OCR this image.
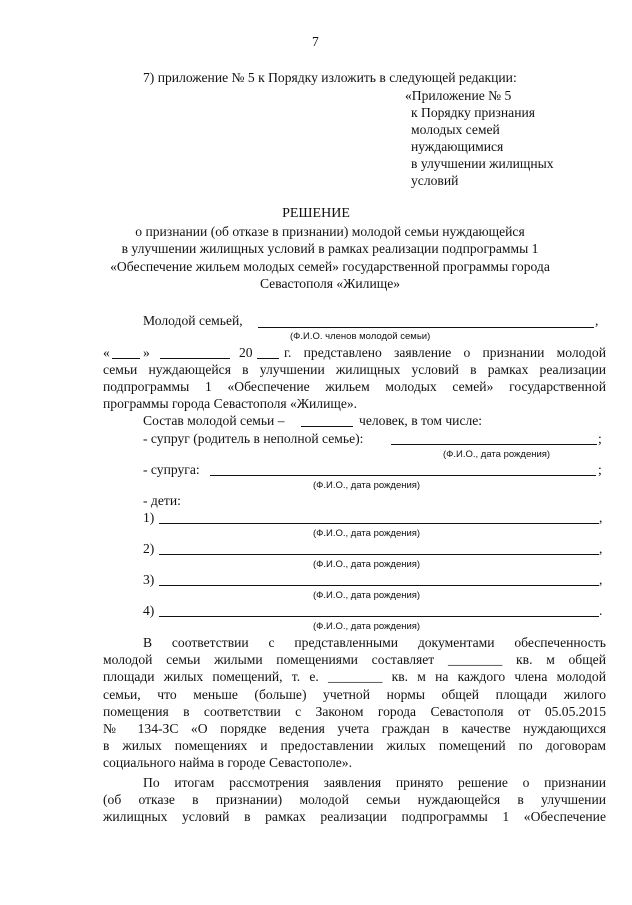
7
7) приложение № 5 к Порядку изложить в следующей редакции:
«Приложение № 5
к Порядку признания
молодых семей
нуждающимися
в улучшении жилищных
условий
РЕШЕНИЕ
о признании (об отказе в признании) молодой семьи нуждающейся
в улучшении жилищных условий в рамках реализации подпрограммы 1
«Обеспечение жильем молодых семей» государственной программы города
Севастополя «Жилище»
Молодой семьей,	,
(Ф.И.О. членов молодой семьи)
« »	20 г. представлено заявление о признании молодой
семьи нуждающейся в улучшении жилищных условий в рамках реализации
подпрограммы 1 «Обеспечение жильем молодых семей» государственной
программы города Севастополя «Жилище».
Состав молодой семьи –	человек, в том числе:
- супруг (родитель в неполной семье):	;
(Ф.И.О., дата рождения)
- супруга:	;
(Ф.И.О., дата рождения)
- дети:
1)	,
(Ф.И.О., дата рождения)
2)	,
(Ф.И.О., дата рождения)
3)	,
(Ф.И.О., дата рождения)
4)	.
(Ф.И.О., дата рождения)
В соответствии с представленными документами обеспеченность
молодой семьи жилыми помещениями составляет ________ кв. м общей
площади жилых помещений, т. е. ________ кв. м на каждого члена молодой
семьи, что меньше (больше) учетной нормы общей площади жилого
помещения в соответствии с Законом города Севастополя от 05.05.2015
№ 134-ЗС «О порядке ведения учета граждан в качестве нуждающихся
в жилых помещениях и предоставлении жилых помещений по договорам
социального найма в городе Севастополе».
По итогам рассмотрения заявления принято решение о признании
(об отказе в признании) молодой семьи нуждающейся в улучшении
жилищных условий в рамках реализации подпрограммы 1 «Обеспечение
